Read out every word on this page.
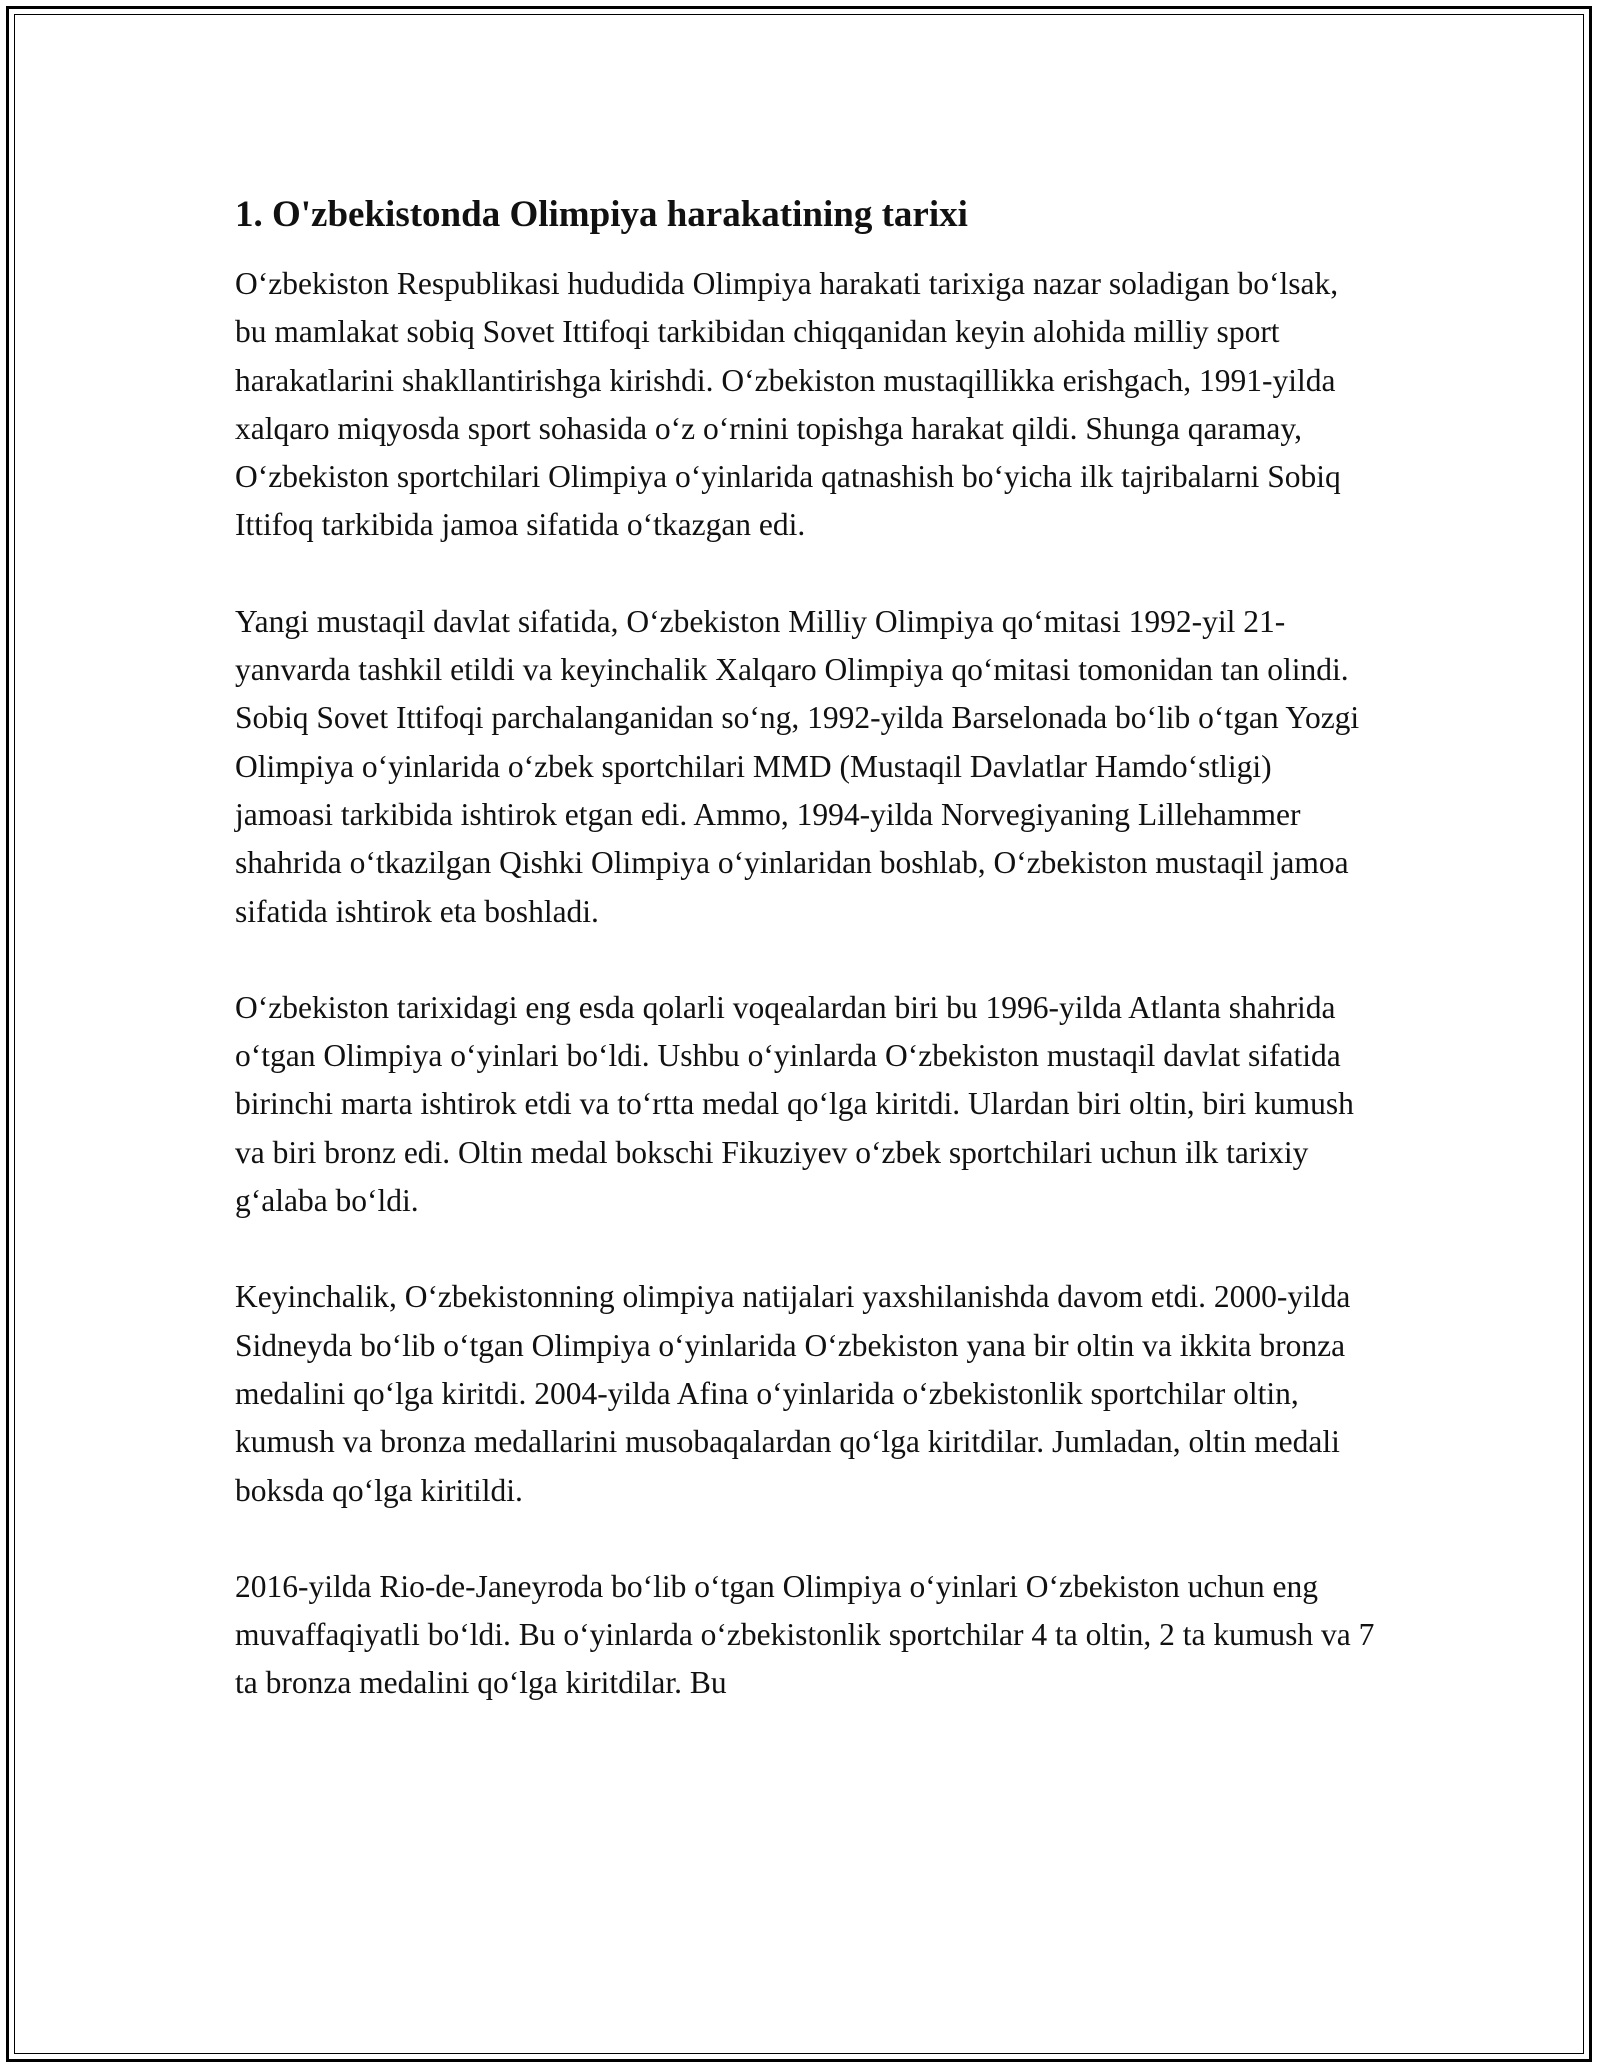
1. O'zbekistonda Olimpiya harakatining tarixi

O‘zbekiston Respublikasi hududida Olimpiya harakati tarixiga nazar soladigan bo‘lsak, bu mamlakat sobiq Sovet Ittifoqi tarkibidan chiqqanidan keyin alohida milliy sport harakatlarini shakllantirishga kirishdi. O‘zbekiston mustaqillikka erishgach, 1991-yilda xalqaro miqyosda sport sohasida o‘z o‘rnini topishga harakat qildi. Shunga qaramay, O‘zbekiston sportchilari Olimpiya o‘yinlarida qatnashish bo‘yicha ilk tajribalarni Sobiq Ittifoq tarkibida jamoa sifatida o‘tkazgan edi.

Yangi mustaqil davlat sifatida, O‘zbekiston Milliy Olimpiya qo‘mitasi 1992-yil 21-yanvarda tashkil etildi va keyinchalik Xalqaro Olimpiya qo‘mitasi tomonidan tan olindi. Sobiq Sovet Ittifoqi parchalanganidan so‘ng, 1992-yilda Barselonada bo‘lib o‘tgan Yozgi Olimpiya o‘yinlarida o‘zbek sportchilari MMD (Mustaqil Davlatlar Hamdo‘stligi) jamoasi tarkibida ishtirok etgan edi. Ammo, 1994-yilda Norvegiyaning Lillehammer shahrida o‘tkazilgan Qishki Olimpiya o‘yinlaridan boshlab, O‘zbekiston mustaqil jamoa sifatida ishtirok eta boshladi.

O‘zbekiston tarixidagi eng esda qolarli voqealardan biri bu 1996-yilda Atlanta shahrida o‘tgan Olimpiya o‘yinlari bo‘ldi. Ushbu o‘yinlarda O‘zbekiston mustaqil davlat sifatida birinchi marta ishtirok etdi va to‘rtta medal qo‘lga kiritdi. Ulardan biri oltin, biri kumush va biri bronz edi. Oltin medal bokschi Fikuziyev o‘zbek sportchilari uchun ilk tarixiy g‘alaba bo‘ldi.

Keyinchalik, O‘zbekistonning olimpiya natijalari yaxshilanishda davom etdi. 2000-yilda Sidneyda bo‘lib o‘tgan Olimpiya o‘yinlarida O‘zbekiston yana bir oltin va ikkita bronza medalini qo‘lga kiritdi. 2004-yilda Afina o‘yinlarida o‘zbekistonlik sportchilar oltin, kumush va bronza medallarini musobaqalardan qo‘lga kiritdilar. Jumladan, oltin medali boksda qo‘lga kiritildi.

2016-yilda Rio-de-Janeyroda bo‘lib o‘tgan Olimpiya o‘yinlari O‘zbekiston uchun eng muvaffaqiyatli bo‘ldi. Bu o‘yinlarda o‘zbekistonlik sportchilar 4 ta oltin, 2 ta kumush va 7 ta bronza medalini qo‘lga kiritdilar. Bu
